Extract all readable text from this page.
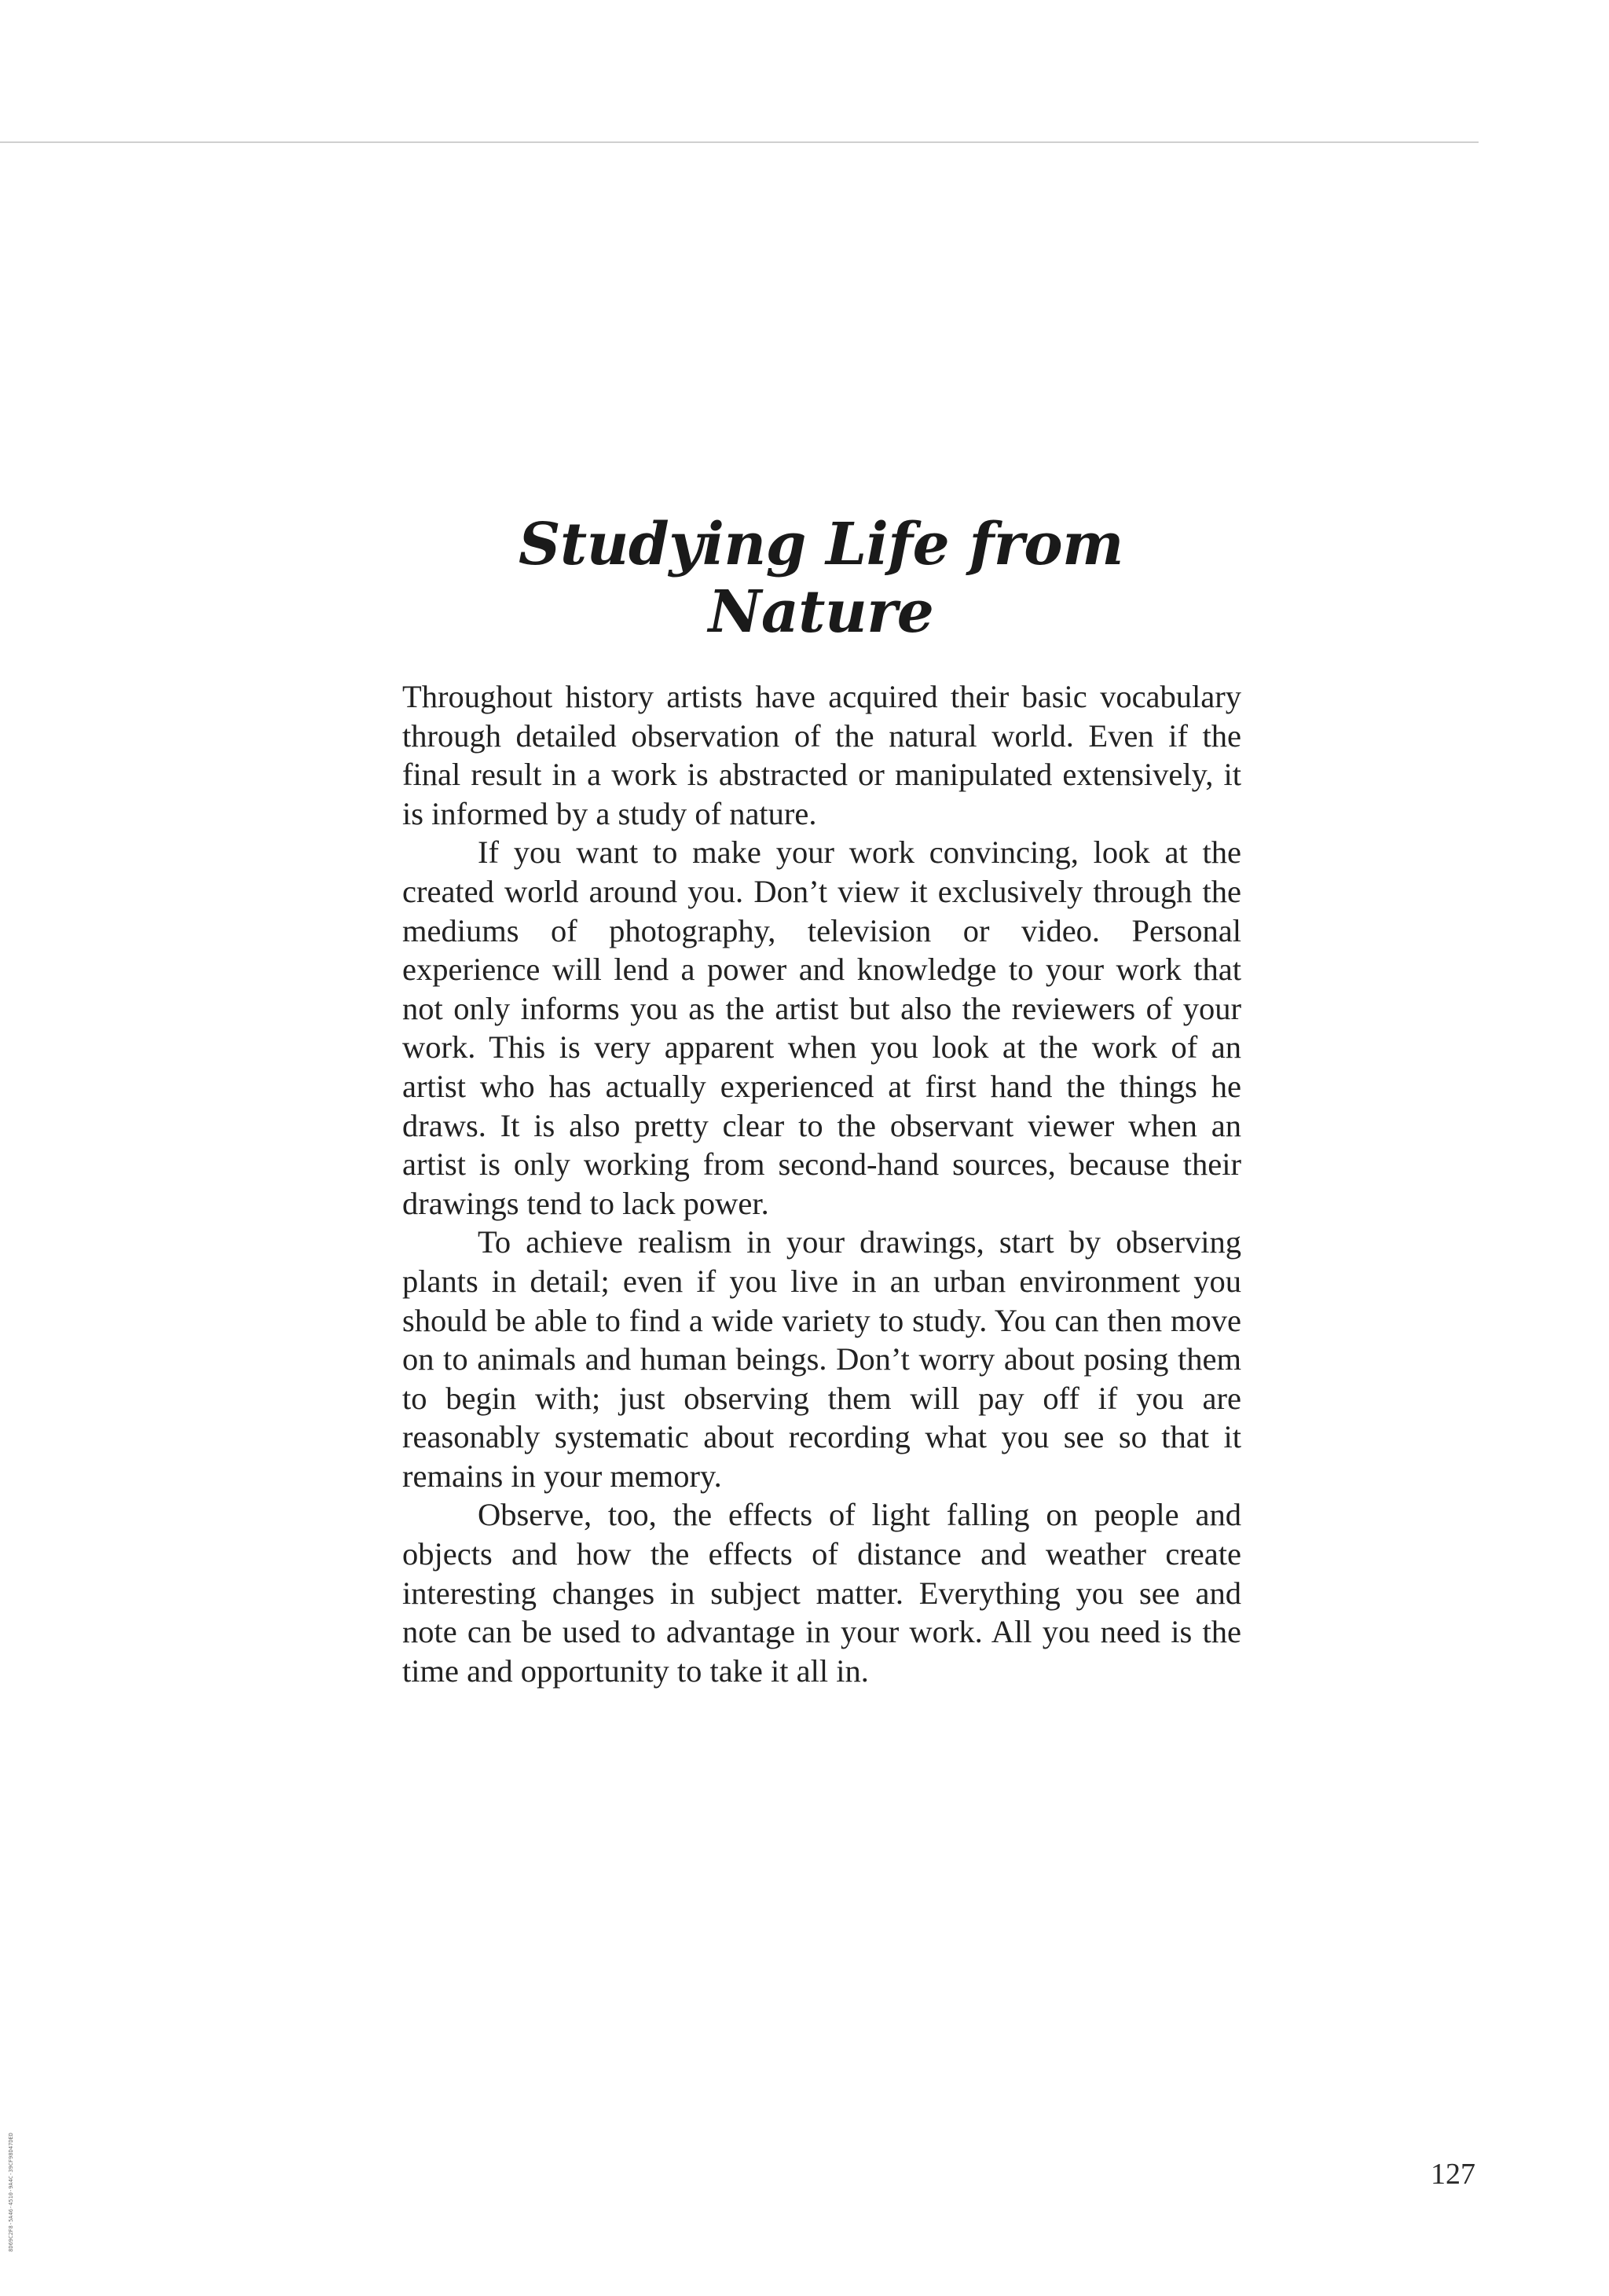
Studying Life from Nature

Throughout history artists have acquired their basic vocabulary through detailed observation of the natural world. Even if the final result in a work is abstracted or manipulated extensively, it is informed by a study of nature.

If you want to make your work convincing, look at the created world around you. Don’t view it exclusively through the mediums of photography, television or video. Personal experience will lend a power and knowledge to your work that not only informs you as the artist but also the reviewers of your work. This is very apparent when you look at the work of an artist who has actually experienced at first hand the things he draws. It is also pretty clear to the observant viewer when an artist is only working from second-hand sources, because their drawings tend to lack power.

To achieve realism in your drawings, start by observing plants in detail; even if you live in an urban environment you should be able to find a wide variety to study. You can then move on to animals and human beings. Don’t worry about posing them to begin with; just observing them will pay off if you are reasonably systematic about recording what you see so that it remains in your memory.

Observe, too, the effects of light falling on people and objects and how the effects of distance and weather create interesting changes in subject matter. Everything you see and note can be used to advantage in your work. All you need is the time and opportunity to take it all in.

127
8D69C2F8-5A46-4510-9A4C-39CF98D47DED
